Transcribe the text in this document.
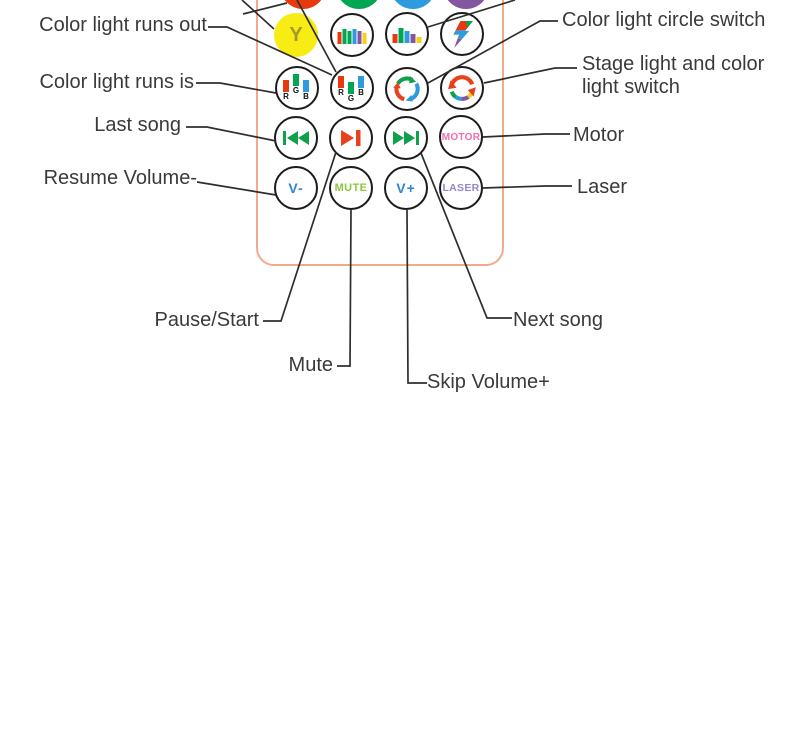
Y
R
G
B	R
G
B
MOTOR
V-	MUTE V+	LASER
Color light runs out
Color light runs is
Last song
Resume Volume-
Color light circle switch
Stage light and color light switch
Motor
Laser
Pause/Start	Next song
Mute
Skip Volume+
